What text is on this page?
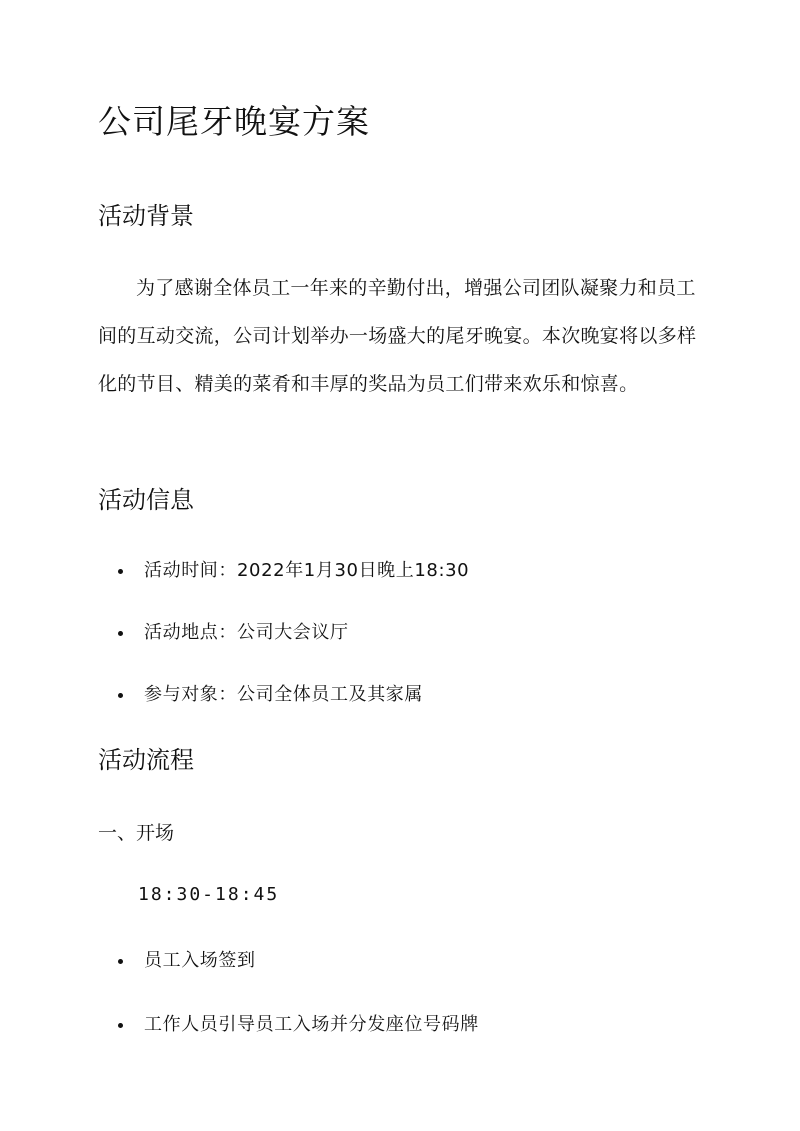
公司尾牙晚宴方案
活动背景

为了感谢全体员工一年来的辛勤付出，增强公司团队凝聚力和员工间的互动交流，公司计划举办一场盛大的尾牙晚宴。本次晚宴将以多样化的节目、精美的菜肴和丰厚的奖品为员工们带来欢乐和惊喜。

活动信息
活动时间：2022年1月30日晚上18:30
活动地点：公司大会议厅
参与对象：公司全体员工及其家属
活动流程
一、开场
18:30-18:45
员工入场签到
工作人员引导员工入场并分发座位号码牌
